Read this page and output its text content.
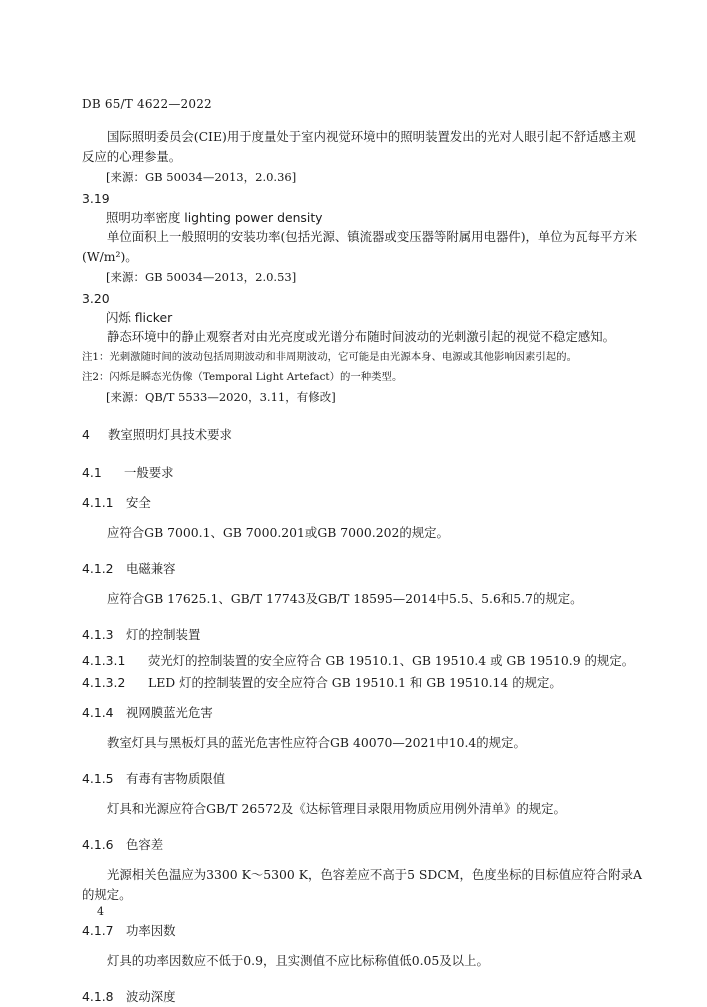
DB 65/T 4622—2022

国际照明委员会(CIE)用于度量处于室内视觉环境中的照明装置发出的光对人眼引起不舒适感主观反应的心理参量。

[来源：GB 50034—2013，2.0.36]

3.19

照明功率密度 lighting power density

单位面积上一般照明的安装功率(包括光源、镇流器或变压器等附属用电器件)，单位为瓦每平方米(W/m²)。

[来源：GB 50034—2013，2.0.53]

3.20

闪烁 flicker

静态环境中的静止观察者对由光亮度或光谱分布随时间波动的光刺激引起的视觉不稳定感知。

注1：光刺激随时间的波动包括周期波动和非周期波动，它可能是由光源本身、电源或其他影响因素引起的。

注2：闪烁是瞬态光伪像（Temporal Light Artefact）的一种类型。

[来源：QB/T 5533—2020，3.11，有修改]

4 教室照明灯具技术要求

4.1 一般要求

4.1.1 安全

应符合GB 7000.1、GB 7000.201或GB 7000.202的规定。

4.1.2 电磁兼容

应符合GB 17625.1、GB/T 17743及GB/T 18595—2014中5.5、5.6和5.7的规定。

4.1.3 灯的控制装置

4.1.3.1 荧光灯的控制装置的安全应符合 GB 19510.1、GB 19510.4 或 GB 19510.9 的规定。

4.1.3.2 LED 灯的控制装置的安全应符合 GB 19510.1 和 GB 19510.14 的规定。

4.1.4 视网膜蓝光危害

教室灯具与黑板灯具的蓝光危害性应符合GB 40070—2021中10.4的规定。

4.1.5 有毒有害物质限值

灯具和光源应符合GB/T 26572及《达标管理目录限用物质应用例外清单》的规定。

4.1.6 色容差

光源相关色温应为3300 K～5300 K，色容差应不高于5 SDCM，色度坐标的目标值应符合附录A的规定。

4.1.7 功率因数

灯具的功率因数应不低于0.9，且实测值不应比标称值低0.05及以上。

4.1.8 波动深度

4
